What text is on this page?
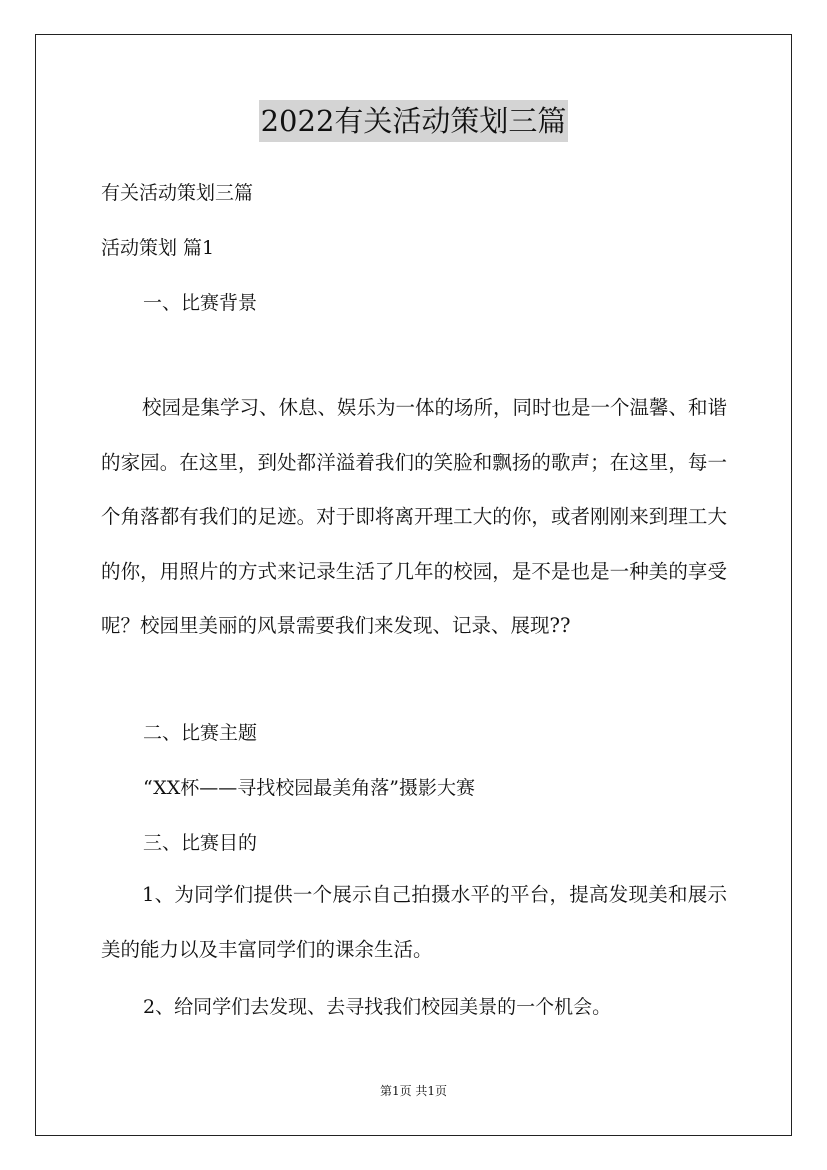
2022有关活动策划三篇
有关活动策划三篇
活动策划 篇1
一、比赛背景
校园是集学习、休息、娱乐为一体的场所，同时也是一个温馨、和谐的家园。在这里，到处都洋溢着我们的笑脸和飘扬的歌声；在这里，每一个角落都有我们的足迹。对于即将离开理工大的你，或者刚刚来到理工大的你，用照片的方式来记录生活了几年的校园，是不是也是一种美的享受呢？校园里美丽的风景需要我们来发现、记录、展现??
二、比赛主题
“XX杯——寻找校园最美角落”摄影大赛
三、比赛目的
1、为同学们提供一个展示自己拍摄水平的平台，提高发现美和展示美的能力以及丰富同学们的课余生活。
2、给同学们去发现、去寻找我们校园美景的一个机会。
第1页 共1页
